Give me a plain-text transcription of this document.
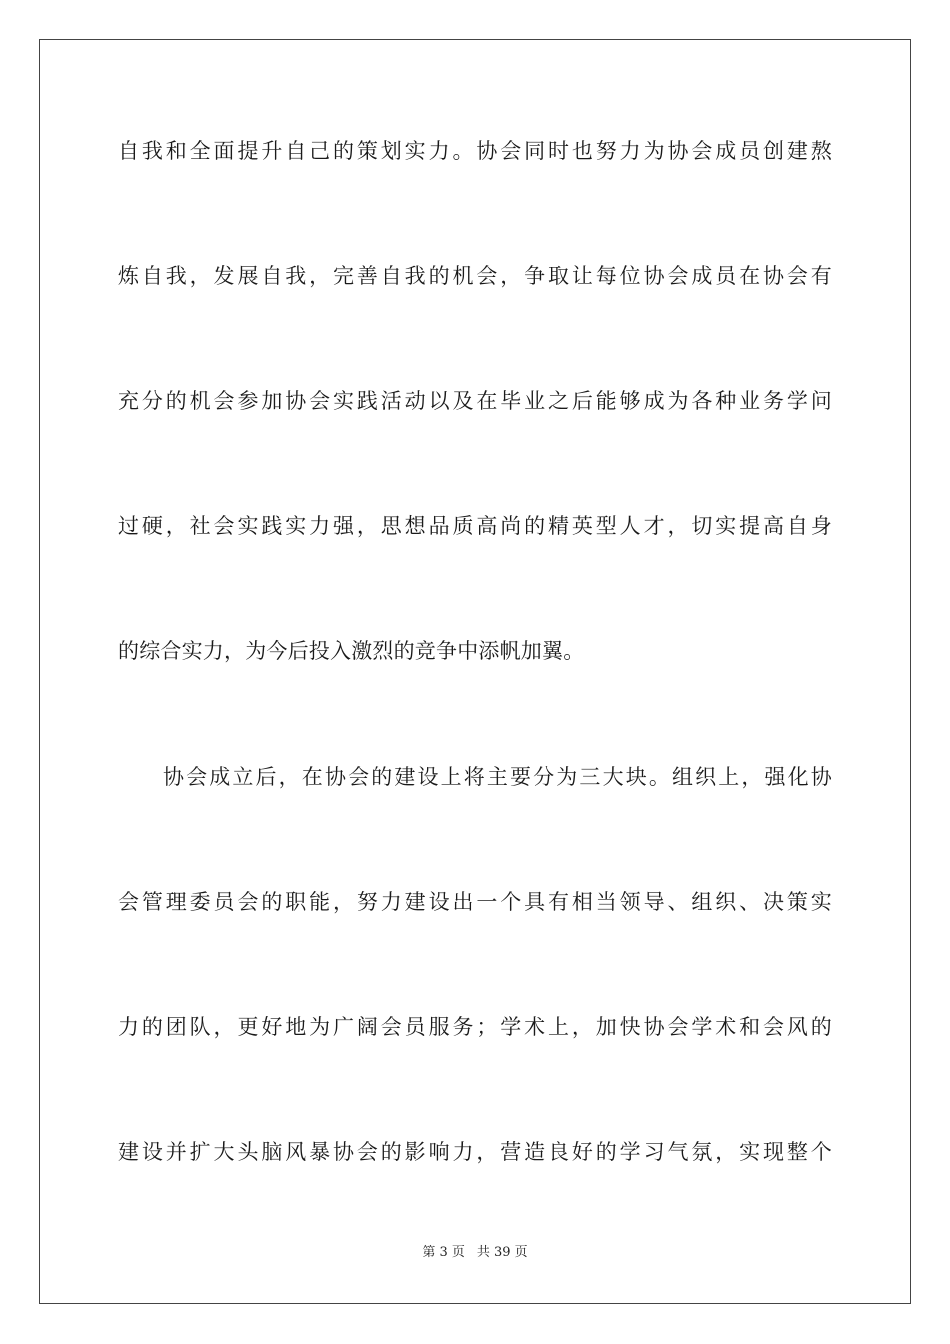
自我和全面提升自己的策划实力。协会同时也努力为协会成员创建熬
炼自我，发展自我，完善自我的机会，争取让每位协会成员在协会有
充分的机会参加协会实践活动以及在毕业之后能够成为各种业务学问
过硬，社会实践实力强，思想品质高尚的精英型人才，切实提高自身
的综合实力，为今后投入激烈的竞争中添帆加翼。
协会成立后，在协会的建设上将主要分为三大块。组织上，强化协
会管理委员会的职能，努力建设出一个具有相当领导、组织、决策实
力的团队，更好地为广阔会员服务；学术上，加快协会学术和会风的
建设并扩大头脑风暴协会的影响力，营造良好的学习气氛，实现整个
第 3 页 共 39 页
